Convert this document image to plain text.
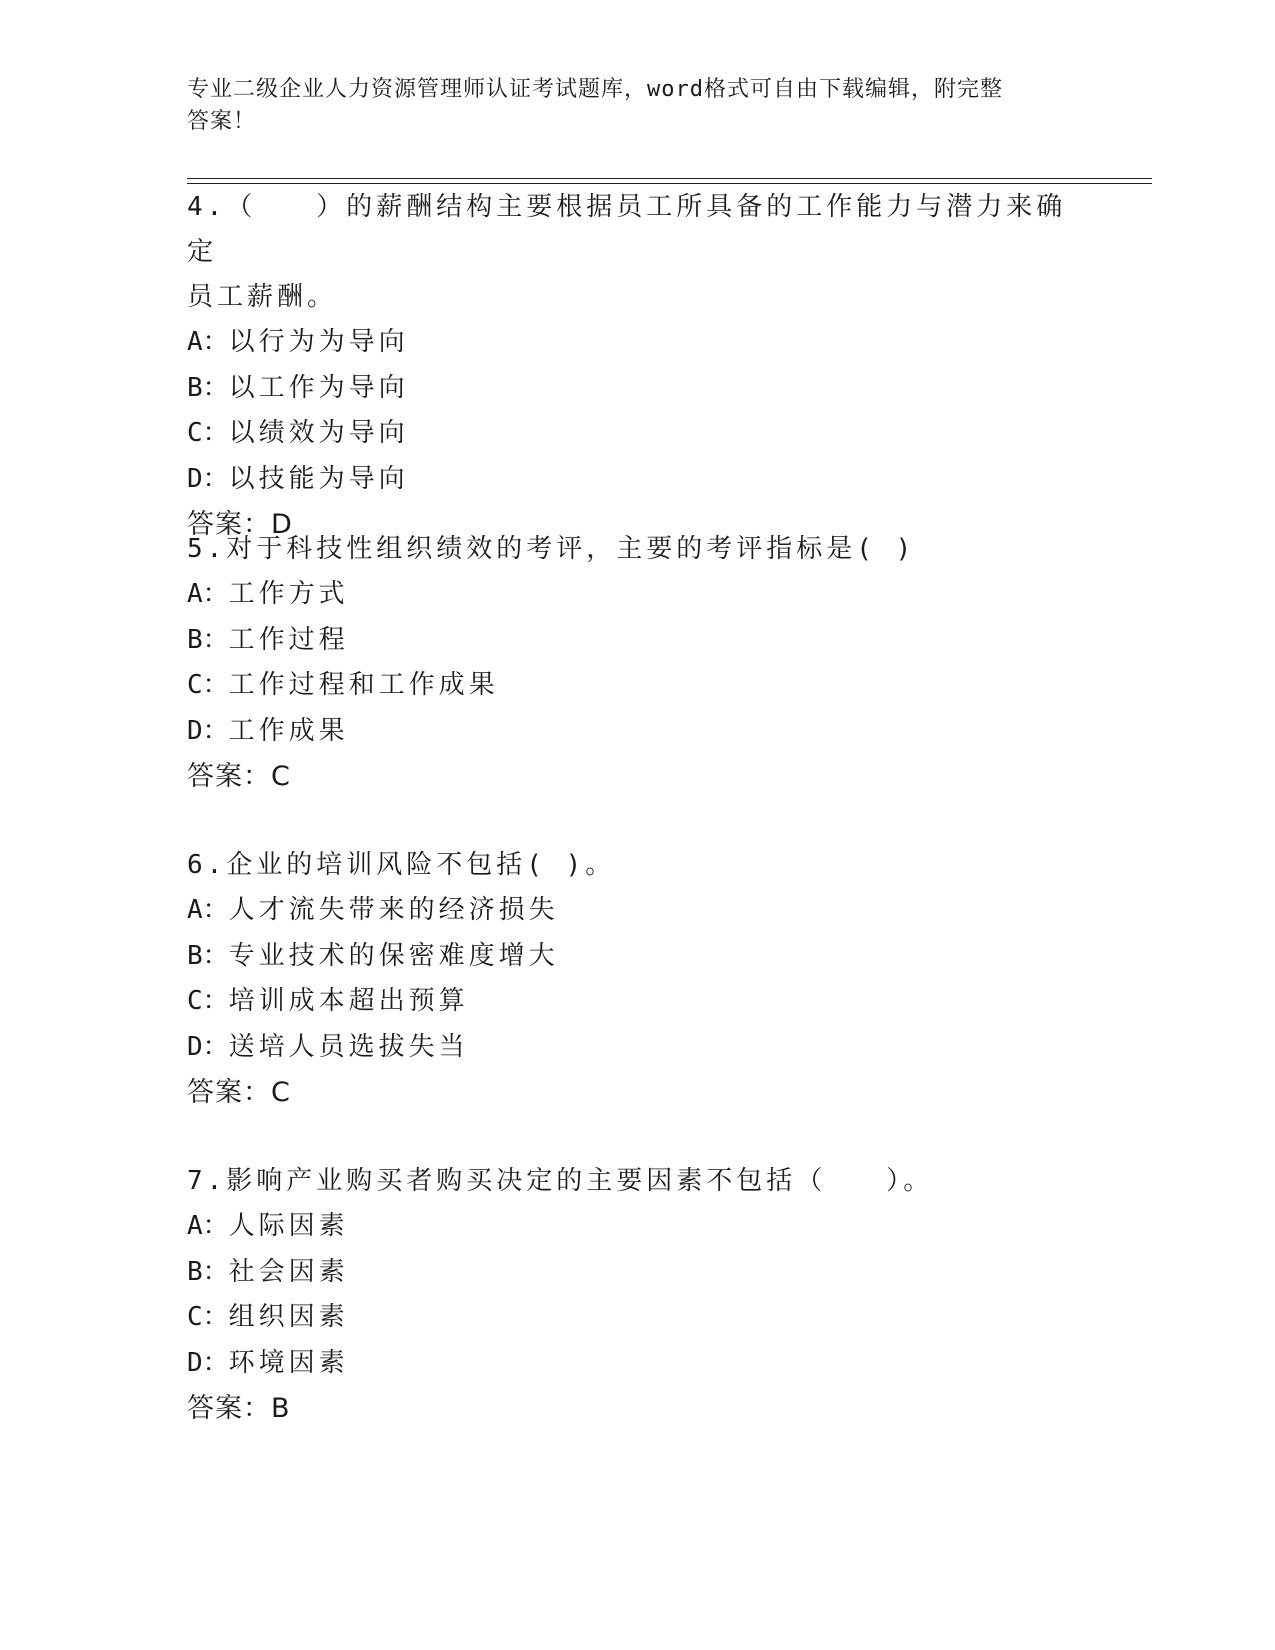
专业二级企业人力资源管理师认证考试题库，word格式可自由下载编辑，附完整
答案！

4.（　　）的薪酬结构主要根据员工所具备的工作能力与潜力来确定
员工薪酬。

A：以行为为导向

B：以工作为导向

C：以绩效为导向

D：以技能为导向

答案：D

5.对于科技性组织绩效的考评，主要的考评指标是( )

A：工作方式

B：工作过程

C：工作过程和工作成果

D：工作成果

答案：C

6.企业的培训风险不包括( )。

A：人才流失带来的经济损失

B：专业技术的保密难度增大

C：培训成本超出预算

D：送培人员选拔失当

答案：C

7.影响产业购买者购买决定的主要因素不包括（　　）。

A：人际因素

B：社会因素

C：组织因素

D：环境因素

答案：B
